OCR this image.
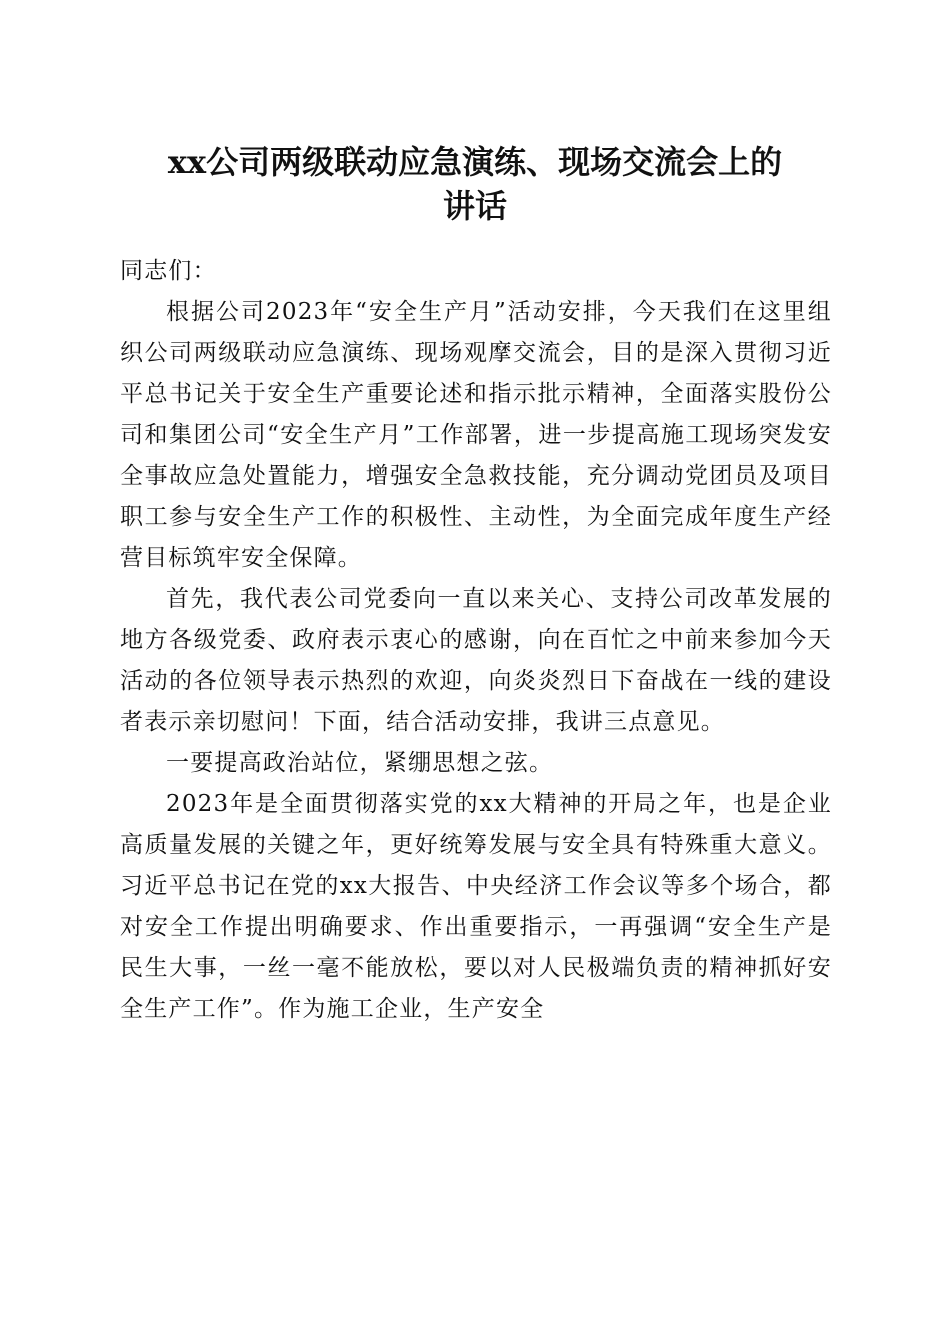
xx公司两级联动应急演练、现场交流会上的
讲话

同志们：

根据公司2023年“安全生产月”活动安排，今天我们在这里组织公司两级联动应急演练、现场观摩交流会，目的是深入贯彻习近平总书记关于安全生产重要论述和指示批示精神，全面落实股份公司和集团公司“安全生产月”工作部署，进一步提高施工现场突发安全事故应急处置能力，增强安全急救技能，充分调动党团员及项目职工参与安全生产工作的积极性、主动性，为全面完成年度生产经营目标筑牢安全保障。

首先，我代表公司党委向一直以来关心、支持公司改革发展的地方各级党委、政府表示衷心的感谢，向在百忙之中前来参加今天活动的各位领导表示热烈的欢迎，向炎炎烈日下奋战在一线的建设者表示亲切慰问！下面，结合活动安排，我讲三点意见。

一要提高政治站位，紧绷思想之弦。

2023年是全面贯彻落实党的xx大精神的开局之年，也是企业高质量发展的关键之年，更好统筹发展与安全具有特殊重大意义。习近平总书记在党的xx大报告、中央经济工作会议等多个场合，都对安全工作提出明确要求、作出重要指示，一再强调“安全生产是民生大事，一丝一毫不能放松，要以对人民极端负责的精神抓好安全生产工作”。作为施工企业，生产安全
